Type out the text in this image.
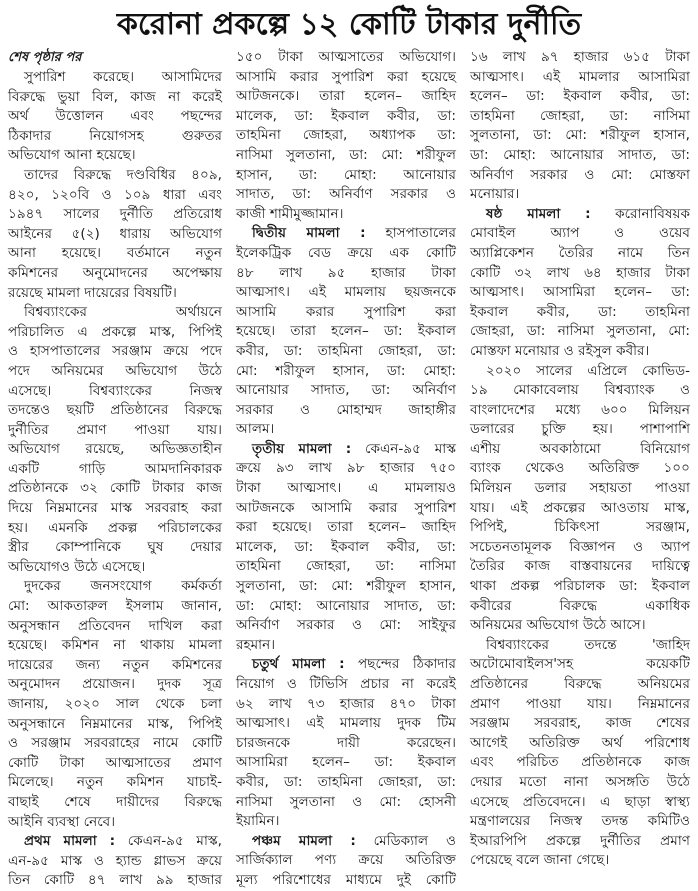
করোনা প্রকল্পে ১২ কোটি টাকার দুর্নীতি
শেষ পৃষ্ঠার পর
সুপারিশ করেছে। আসামিদের
বিরুদ্ধে ভুয়া বিল, কাজ না করেই
অর্থ উত্তোলন এবং পছন্দের
ঠিকাদার নিয়োগসহ গুরুতর
অভিযোগ আনা হয়েছে।
তাদের বিরুদ্ধে দণ্ডবিধির ৪০৯,
৪২০, ১২০বি ও ১০৯ ধারা এবং
১৯৪৭ সালের দুর্নীতি প্রতিরোধ
আইনের ৫(২) ধারায় অভিযোগ
আনা হয়েছে। বর্তমানে নতুন
কমিশনের অনুমোদনের অপেক্ষায়
রয়েছে মামলা দায়েরের বিষয়টি।
বিশ্বব্যাংকের অর্থায়নে
পরিচালিত এ প্রকল্পে মাস্ক, পিপিই
ও হাসপাতালের সরঞ্জাম ক্রয়ে পদে
পদে অনিয়মের অভিযোগ উঠে
এসেছে। বিশ্বব্যাংকের নিজস্ব
তদন্তেও ছয়টি প্রতিষ্ঠানের বিরুদ্ধে
দুর্নীতির প্রমাণ পাওয়া যায়।
অভিযোগ রয়েছে, অভিজ্ঞতাহীন
একটি গাড়ি আমদানিকারক
প্রতিষ্ঠানকে ৩২ কোটি টাকার কাজ
দিয়ে নিম্নমানের মাস্ক সরবরাহ করা
হয়। এমনকি প্রকল্প পরিচালকের
স্ত্রীর কোম্পানিকে ঘুষ দেয়ার
অভিযোগও উঠে এসেছে।
দুদকের জনসংযোগ কর্মকর্তা
মো: আকতারুল ইসলাম জানান,
অনুসন্ধান প্রতিবেদন দাখিল করা
হয়েছে। কমিশন না থাকায় মামলা
দায়েরের জন্য নতুন কমিশনের
অনুমোদন প্রয়োজন। দুদক সূত্র
জানায়, ২০২০ সাল থেকে চলা
অনুসন্ধানে নিম্নমানের মাস্ক, পিপিই
ও সরঞ্জাম সরবরাহের নামে কোটি
কোটি টাকা আত্মসাতের প্রমাণ
মিলেছে। নতুন কমিশন যাচাই-
বাছাই শেষে দায়ীদের বিরুদ্ধে
আইনি ব্যবস্থা নেবে।
প্রথম মামলা : কেএন-৯৫ মাস্ক,
এন-৯৫ মাস্ক ও হ্যান্ড গ্লাভস ক্রয়ে
তিন কোটি ৪৭ লাখ ৯৯ হাজার
১৫০ টাকা আত্মসাতের অভিযোগ।
আসামি করার সুপারিশ করা হয়েছে
আটজনকে। তারা হলেন– জাহিদ
মালেক, ডা: ইকবাল কবীর, ডা:
তাহমিনা জোহরা, অধ্যাপক ডা:
নাসিমা সুলতানা, ডা: মো: শরীফুল
হাসান, ডা: মোহা: আনোয়ার
সাদাত, ডা: অনির্বাণ সরকার ও
কাজী শামীমুজ্জামান।
দ্বিতীয় মামলা : হাসপাতালের
ইলেকট্রিক বেড ক্রয়ে এক কোটি
৪৮ লাখ ৯৫ হাজার টাকা
আত্মসাৎ। এই মামলায় ছয়জনকে
আসামি করার সুপারিশ করা
হয়েছে। তারা হলেন– ডা: ইকবাল
কবীর, ডা: তাহমিনা জোহরা, ডা:
মো: শরীফুল হাসান, ডা: মোহা:
আনোয়ার সাদাত, ডা: অনির্বাণ
সরকার ও মোহাম্মদ জাহাঙ্গীর
আলম।
তৃতীয় মামলা : কেএন-৯৫ মাস্ক
ক্রয়ে ৯৩ লাখ ৯৮ হাজার ৭৫০
টাকা আত্মসাৎ। এ মামলায়ও
আটজনকে আসামি করার সুপারিশ
করা হয়েছে। তারা হলেন– জাহিদ
মালেক, ডা: ইকবাল কবীর, ডা:
তাহমিনা জোহরা, ডা: নাসিমা
সুলতানা, ডা: মো: শরীফুল হাসান,
ডা: মোহা: আনোয়ার সাদাত, ডা:
অনির্বাণ সরকার ও মো: সাইফুর
রহমান।
চতুর্থ মামলা : পছন্দের ঠিকাদার
নিয়োগ ও টিভিসি প্রচার না করেই
৬২ লাখ ৭৩ হাজার ৪৭০ টাকা
আত্মসাৎ। এই মামলায় দুদক টিম
চারজনকে দায়ী করেছেন।
আসামিরা হলেন– ডা: ইকবাল
কবীর, ডা: তাহমিনা জোহরা, ডা:
নাসিমা সুলতানা ও মো: হোসনী
ইয়ামিন।
পঞ্চম মামলা : মেডিক্যাল ও
সার্জিক্যাল পণ্য ক্রয়ে অতিরিক্ত
মূল্য পরিশোধের মাধ্যমে দুই কোটি
১৬ লাখ ৯৭ হাজার ৬১৫ টাকা
আত্মসাৎ। এই মামলার আসামিরা
হলেন– ডা: ইকবাল কবীর, ডা:
তাহমিনা জোহরা, ডা: নাসিমা
সুলতানা, ডা: মো: শরীফুল হাসান,
ডা: মোহা: আনোয়ার সাদাত, ডা:
অনির্বাণ সরকার ও মো: মোস্তফা
মনোয়ার।
ষষ্ঠ মামলা : করোনাবিষয়ক
মোবাইল অ্যাপ ও ওয়েব
অ্যাপ্লিকেশন তৈরির নামে তিন
কোটি ৩২ লাখ ৬৪ হাজার টাকা
আত্মসাৎ। আসামিরা হলেন– ডা:
ইকবাল কবীর, ডা: তাহমিনা
জোহরা, ডা: নাসিমা সুলতানা, মো:
মোস্তফা মনোয়ার ও রইসুল কবীর।
২০২০ সালের এপ্রিলে কোভিড-
১৯ মোকাবেলায় বিশ্বব্যাংক ও
বাংলাদেশের মধ্যে ৬০০ মিলিয়ন
ডলারের চুক্তি হয়। পাশাপাশি
এশীয় অবকাঠামো বিনিয়োগ
ব্যাংক থেকেও অতিরিক্ত ১০০
মিলিয়ন ডলার সহায়তা পাওয়া
যায়। এই প্রকল্পের আওতায় মাস্ক,
পিপিই, চিকিৎসা সরঞ্জাম,
সচেতনতামূলক বিজ্ঞাপন ও অ্যাপ
তৈরির কাজ বাস্তবায়নের দায়িত্বে
থাকা প্রকল্প পরিচালক ডা: ইকবাল
কবীরের বিরুদ্ধে একাধিক
অনিয়মের অভিযোগ উঠে আসে।
বিশ্বব্যাংকের তদন্তে 'জাহিদ
অটোমোবাইলস'সহ কয়েকটি
প্রতিষ্ঠানের বিরুদ্ধে অনিয়মের
প্রমাণ পাওয়া যায়। নিম্নমানের
সরঞ্জাম সরবরাহ, কাজ শেষের
আগেই অতিরিক্ত অর্থ পরিশোধ
এবং পরিচিত প্রতিষ্ঠানকে কাজ
দেয়ার মতো নানা অসঙ্গতি উঠে
এসেছে প্রতিবেদনে। এ ছাড়া স্বাস্থ্য
মন্ত্রণালয়ের নিজস্ব তদন্ত কমিটিও
ইআরপিপি প্রকল্পে দুর্নীতির প্রমাণ
পেয়েছে বলে জানা গেছে।
